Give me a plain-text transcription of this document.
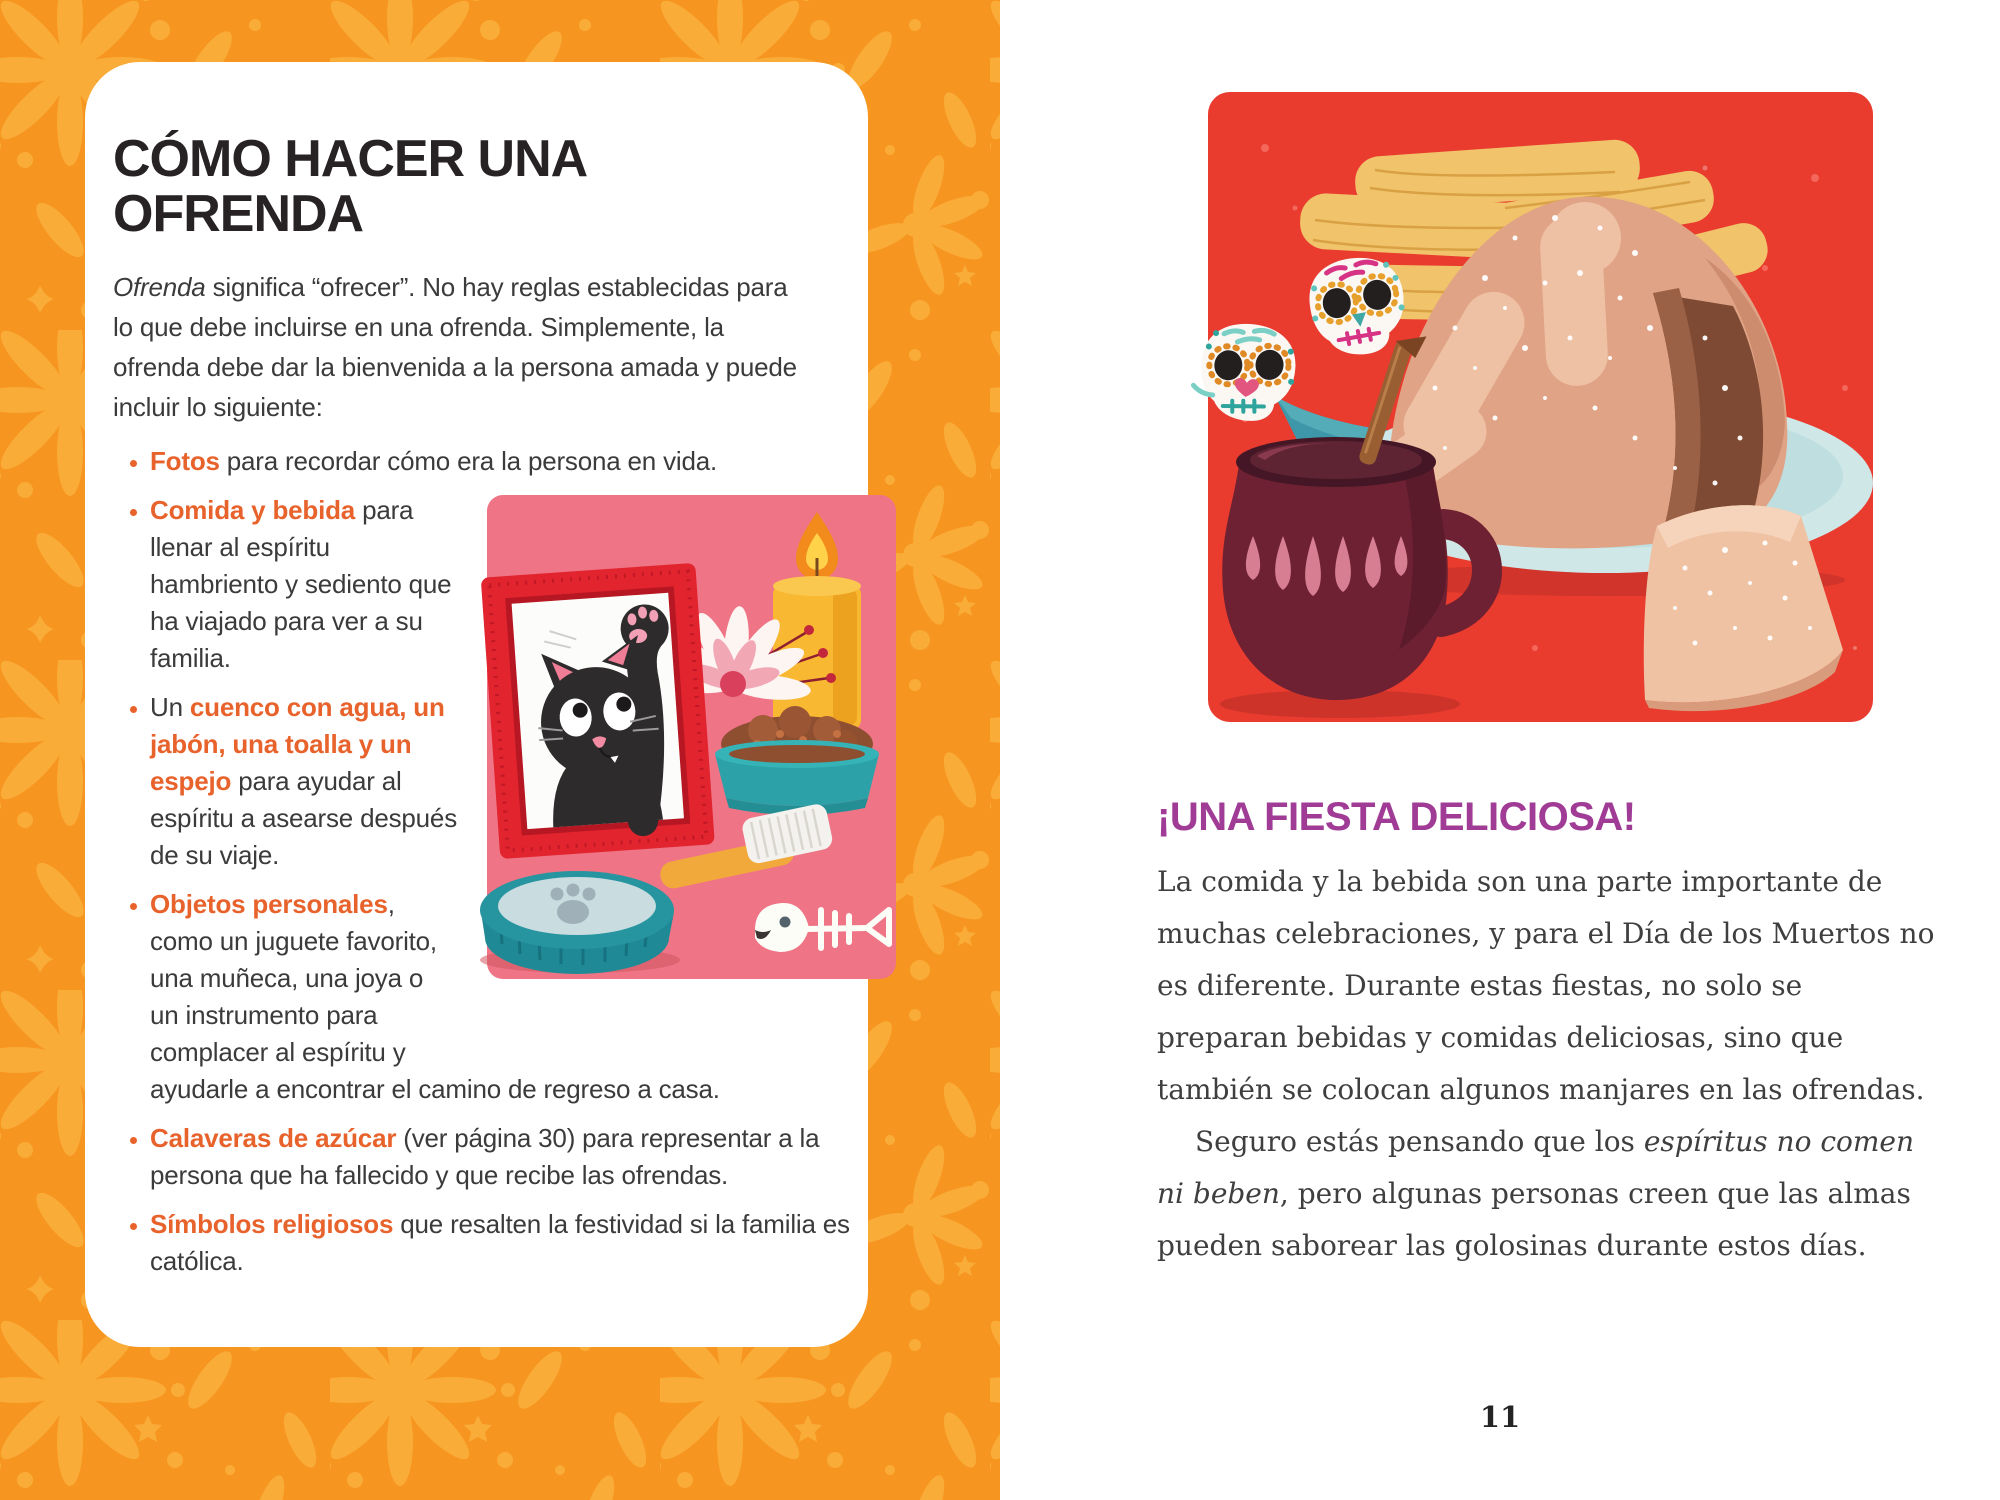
CÓMO HACER UNA OFRENDA

Ofrenda significa “ofrecer”. No hay reglas establecidas para lo que debe incluirse en una ofrenda. Simplemente, la ofrenda debe dar la bienvenida a la persona amada y puede incluir lo siguiente:

• Fotos para recordar cómo era la persona en vida.
• Comida y bebida para llenar al espíritu hambriento y sediento que ha viajado para ver a su familia.
• Un cuenco con agua, un jabón, una toalla y un espejo para ayudar al espíritu a asearse después de su viaje.
• Objetos personales, como un juguete favorito, una muñeca, una joya o un instrumento para complacer al espíritu y ayudarle a encontrar el camino de regreso a casa.
• Calaveras de azúcar (ver página 30) para representar a la persona que ha fallecido y que recibe las ofrendas.
• Símbolos religiosos que resalten la festividad si la familia es católica.
¡UNA FIESTA DELICIOSA!

La comida y la bebida son una parte importante de muchas celebraciones, y para el Día de los Muertos no es diferente. Durante estas fiestas, no solo se preparan bebidas y comidas deliciosas, sino que también se colocan algunos manjares en las ofrendas.

Seguro estás pensando que los espíritus no comen ni beben, pero algunas personas creen que las almas pueden saborear las golosinas durante estos días.

11
